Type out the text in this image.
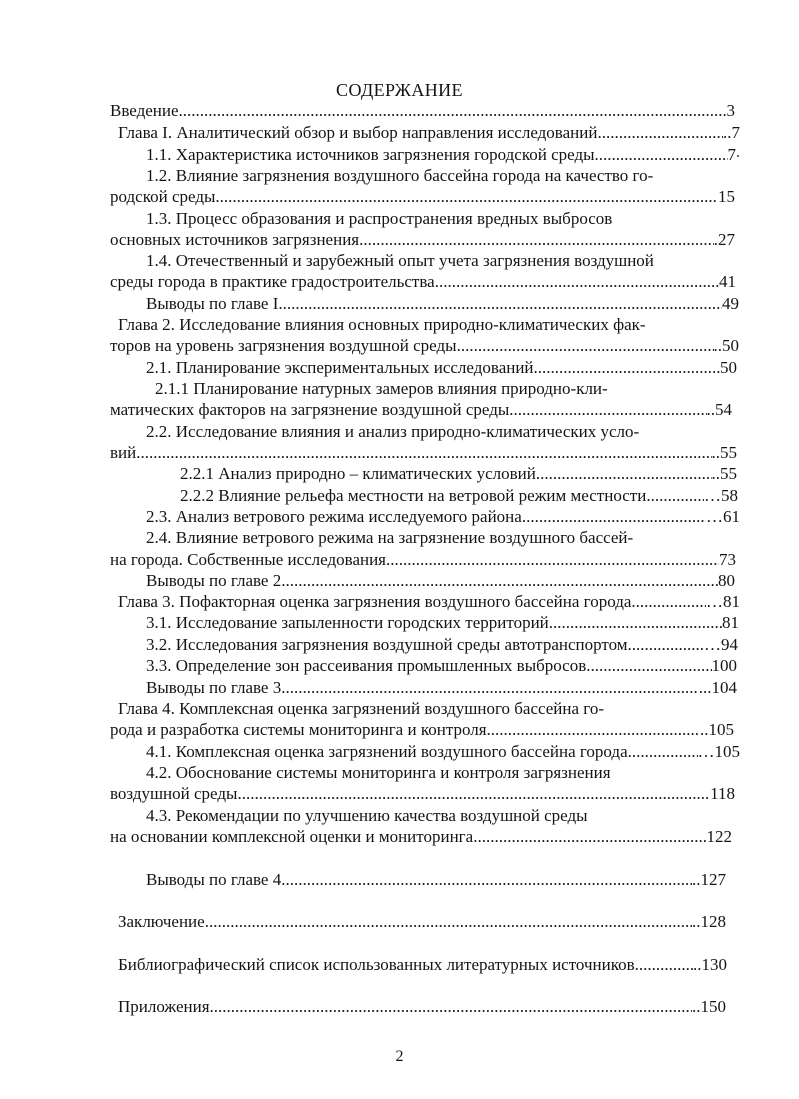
СОДЕРЖАНИЕ
Введение .....	3
Глава I. Аналитический обзор и выбор направления исследований .....	..7
1.1. Характеристика источников загрязнения городской среды .....	7
1.2. Влияние загрязнения воздушного бассейна города на качество го-
родской среды .....	15
1.3. Процесс образования и распространения вредных выбросов
основных источников загрязнения .....	.27
1.4. Отечественный и зарубежный опыт учета загрязнения воздушной
среды города в практике градостроительства .....	41
Выводы по главе I .....	49
Глава 2. Исследование влияния основных природно-климатических фак-
торов на уровень загрязнения воздушной среды .....	..50
2.1. Планирование экспериментальных исследований .....	50
2.1.1 Планирование натурных замеров влияния природно-кли-
матических факторов на загрязнение воздушной среды .....	..54
2.2. Исследование влияния и анализ природно-климатических усло-
вий .....	..55
2.2.1 Анализ природно – климатических условий .....	..55
2.2.2 Влияние рельефа местности на ветровой режим местности .....	…58
2.3. Анализ ветрового режима исследуемого района .....	…61
2.4. Влияние ветрового режима на загрязнение воздушного бассей-
на города. Собственные исследования .....	73
Выводы по главе 2 .....	80
Глава 3. Пофакторная оценка загрязнения воздушного бассейна города .....	…81
3.1. Исследование запыленности городских территорий .....	81
3.2. Исследования загрязнения воздушной среды автотранспортом .....	…94
3.3. Определение зон рассеивания промышленных выбросов .....	100
Выводы по главе 3 .....	...104
Глава 4. Комплексная оценка загрязнений воздушного бассейна го-
рода и разработка системы мониторинга и контроля .....	..105
4.1. Комплексная оценка загрязнений воздушного бассейна города .....	…105
4.2. Обоснование системы мониторинга и контроля загрязнения
воздушной среды .....	118
4.3. Рекомендации по улучшению качества воздушной среды
на основании комплексной оценки и мониторинга .....	122
Выводы по главе 4 .....	..127
Заключение .....	..128
Библиографический список использованных литературных источников .....	..130
Приложения .....	..150
2
